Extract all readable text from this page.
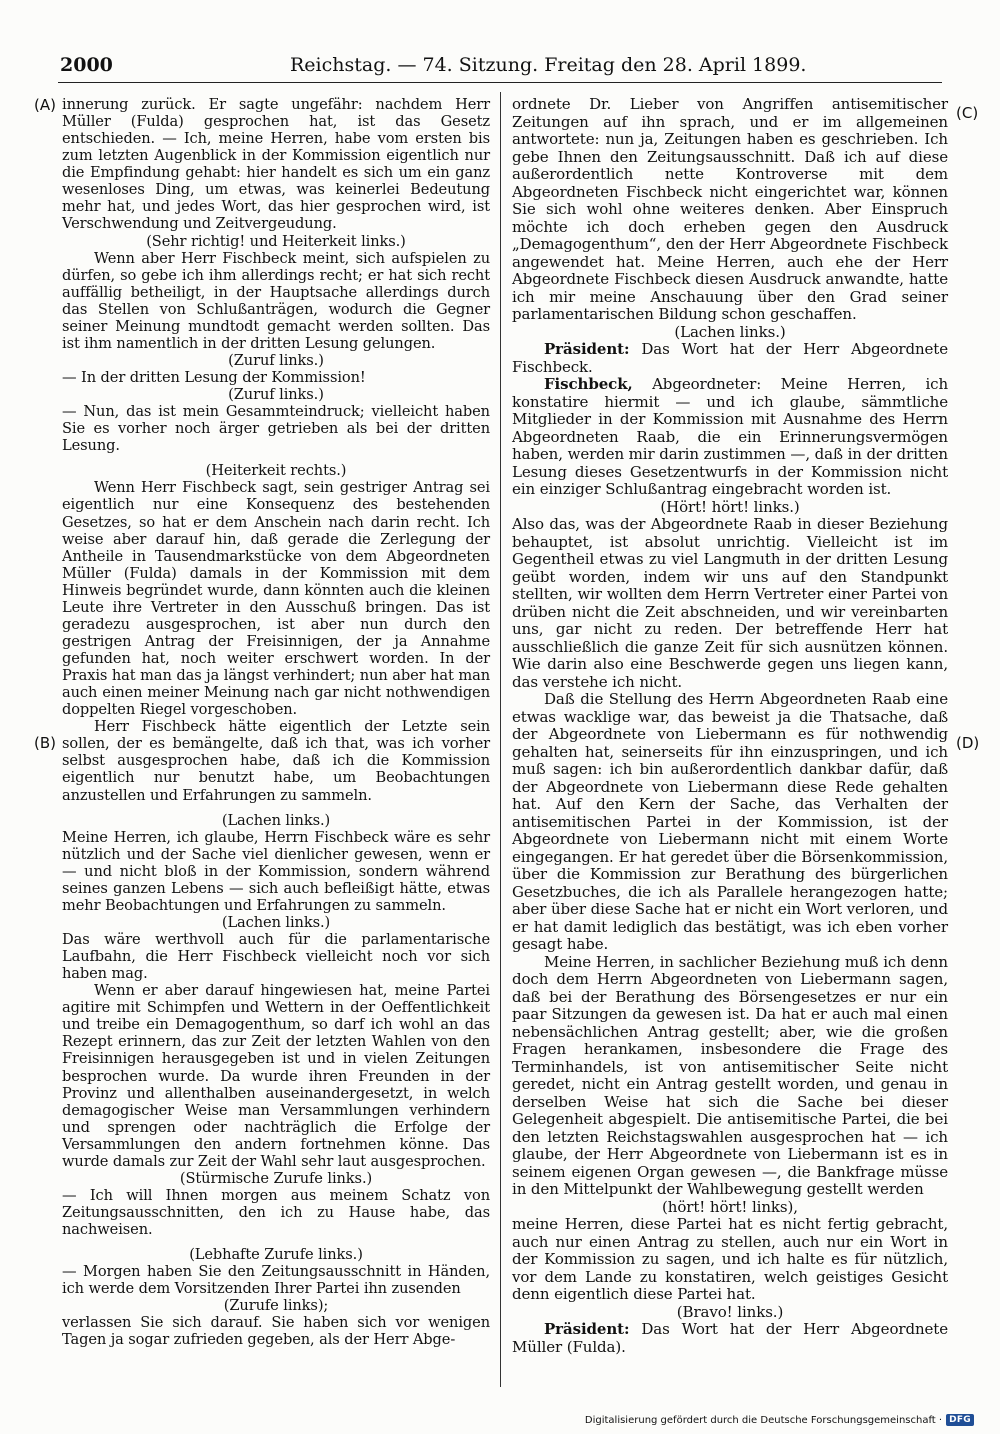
2000	Reichstag. — 74. Sitzung. Freitag den 28. April 1899.

innerung zurück. Er sagte ungefähr: nachdem Herr Müller (Fulda) gesprochen hat, ist das Gesetz entschieden. — Ich, meine Herren, habe vom ersten bis zum letzten Augenblick in der Kommission eigentlich nur die Empfindung gehabt: hier handelt es sich um ein ganz wesenloses Ding, um etwas, was keinerlei Bedeutung mehr hat, und jedes Wort, das hier gesprochen wird, ist Verschwendung und Zeitvergeudung.

(Sehr richtig! und Heiterkeit links.)

Wenn aber Herr Fischbeck meint, sich aufspielen zu dürfen, so gebe ich ihm allerdings recht; er hat sich recht auffällig betheiligt, in der Hauptsache allerdings durch das Stellen von Schlußanträgen, wodurch die Gegner seiner Meinung mundtodt gemacht werden sollten. Das ist ihm namentlich in der dritten Lesung gelungen.

(Zuruf links.)

— In der dritten Lesung der Kommission!

(Zuruf links.)

— Nun, das ist mein Gesammteindruck; vielleicht haben Sie es vorher noch ärger getrieben als bei der dritten Lesung.

(Heiterkeit rechts.)

Wenn Herr Fischbeck sagt, sein gestriger Antrag sei eigentlich nur eine Konsequenz des bestehenden Gesetzes, so hat er dem Anschein nach darin recht. Ich weise aber darauf hin, daß gerade die Zerlegung der Antheile in Tausendmarkstücke von dem Abgeordneten Müller (Fulda) damals in der Kommission mit dem Hinweis begründet wurde, dann könnten auch die kleinen Leute ihre Vertreter in den Ausschuß bringen. Das ist geradezu ausgesprochen, ist aber nun durch den gestrigen Antrag der Freisinnigen, der ja Annahme gefunden hat, noch weiter erschwert worden. In der Praxis hat man das ja längst verhindert; nun aber hat man auch einen meiner Meinung nach gar nicht nothwendigen doppelten Riegel vorgeschoben.

Herr Fischbeck hätte eigentlich der Letzte sein sollen, der es bemängelte, daß ich that, was ich vorher selbst ausgesprochen habe, daß ich die Kommission eigentlich nur benutzt habe, um Beobachtungen anzustellen und Erfahrungen zu sammeln.

(Lachen links.)

Meine Herren, ich glaube, Herrn Fischbeck wäre es sehr nützlich und der Sache viel dienlicher gewesen, wenn er — und nicht bloß in der Kommission, sondern während seines ganzen Lebens — sich auch befleißigt hätte, etwas mehr Beobachtungen und Erfahrungen zu sammeln.

(Lachen links.)

Das wäre werthvoll auch für die parlamentarische Laufbahn, die Herr Fischbeck vielleicht noch vor sich haben mag.

Wenn er aber darauf hingewiesen hat, meine Partei agitire mit Schimpfen und Wettern in der Oeffentlichkeit und treibe ein Demagogenthum, so darf ich wohl an das Rezept erinnern, das zur Zeit der letzten Wahlen von den Freisinnigen herausgegeben ist und in vielen Zeitungen besprochen wurde. Da wurde ihren Freunden in der Provinz und allenthalben auseinandergesetzt, in welch demagogischer Weise man Versammlungen verhindern und sprengen oder nachträglich die Erfolge der Versammlungen den andern fortnehmen könne. Das wurde damals zur Zeit der Wahl sehr laut ausgesprochen.

(Stürmische Zurufe links.)

— Ich will Ihnen morgen aus meinem Schatz von Zeitungsausschnitten, den ich zu Hause habe, das nachweisen.

(Lebhafte Zurufe links.)

— Morgen haben Sie den Zeitungsausschnitt in Händen, ich werde dem Vorsitzenden Ihrer Partei ihn zusenden

(Zurufe links);

verlassen Sie sich darauf. Sie haben sich vor wenigen Tagen ja sogar zufrieden gegeben, als der Herr Abge-

ordnete Dr. Lieber von Angriffen antisemitischer Zeitungen auf ihn sprach, und er im allgemeinen antwortete: nun ja, Zeitungen haben es geschrieben. Ich gebe Ihnen den Zeitungsausschnitt. Daß ich auf diese außerordentlich nette Kontroverse mit dem Abgeordneten Fischbeck nicht eingerichtet war, können Sie sich wohl ohne weiteres denken. Aber Einspruch möchte ich doch erheben gegen den Ausdruck „Demagogenthum“, den der Herr Abgeordnete Fischbeck angewendet hat. Meine Herren, auch ehe der Herr Abgeordnete Fischbeck diesen Ausdruck anwandte, hatte ich mir meine Anschauung über den Grad seiner parlamentarischen Bildung schon geschaffen.

(Lachen links.)

Präsident: Das Wort hat der Herr Abgeordnete Fischbeck.

Fischbeck, Abgeordneter: Meine Herren, ich konstatire hiermit — und ich glaube, sämmtliche Mitglieder in der Kommission mit Ausnahme des Herrn Abgeordneten Raab, die ein Erinnerungsvermögen haben, werden mir darin zustimmen —, daß in der dritten Lesung dieses Gesetzentwurfs in der Kommission nicht ein einziger Schlußantrag eingebracht worden ist.

(Hört! hört! links.)

Also das, was der Abgeordnete Raab in dieser Beziehung behauptet, ist absolut unrichtig. Vielleicht ist im Gegentheil etwas zu viel Langmuth in der dritten Lesung geübt worden, indem wir uns auf den Standpunkt stellten, wir wollten dem Herrn Vertreter einer Partei von drüben nicht die Zeit abschneiden, und wir vereinbarten uns, gar nicht zu reden. Der betreffende Herr hat ausschließlich die ganze Zeit für sich ausnützen können. Wie darin also eine Beschwerde gegen uns liegen kann, das verstehe ich nicht.

Daß die Stellung des Herrn Abgeordneten Raab eine etwas wacklige war, das beweist ja die Thatsache, daß der Abgeordnete von Liebermann es für nothwendig gehalten hat, seinerseits für ihn einzuspringen, und ich muß sagen: ich bin außerordentlich dankbar dafür, daß der Abgeordnete von Liebermann diese Rede gehalten hat. Auf den Kern der Sache, das Verhalten der antisemitischen Partei in der Kommission, ist der Abgeordnete von Liebermann nicht mit einem Worte eingegangen. Er hat geredet über die Börsenkommission, über die Kommission zur Berathung des bürgerlichen Gesetzbuches, die ich als Parallele herangezogen hatte; aber über diese Sache hat er nicht ein Wort verloren, und er hat damit lediglich das bestätigt, was ich eben vorher gesagt habe.

Meine Herren, in sachlicher Beziehung muß ich denn doch dem Herrn Abgeordneten von Liebermann sagen, daß bei der Berathung des Börsengesetzes er nur ein paar Sitzungen da gewesen ist. Da hat er auch mal einen nebensächlichen Antrag gestellt; aber, wie die großen Fragen herankamen, insbesondere die Frage des Terminhandels, ist von antisemitischer Seite nicht geredet, nicht ein Antrag gestellt worden, und genau in derselben Weise hat sich die Sache bei dieser Gelegenheit abgespielt. Die antisemitische Partei, die bei den letzten Reichstagswahlen ausgesprochen hat — ich glaube, der Herr Abgeordnete von Liebermann ist es in seinem eigenen Organ gewesen —, die Bankfrage müsse in den Mittelpunkt der Wahlbewegung gestellt werden

(hört! hört! links),

meine Herren, diese Partei hat es nicht fertig gebracht, auch nur einen Antrag zu stellen, auch nur ein Wort in der Kommission zu sagen, und ich halte es für nützlich, vor dem Lande zu konstatiren, welch geistiges Gesicht denn eigentlich diese Partei hat.

(Bravo! links.)

Präsident: Das Wort hat der Herr Abgeordnete Müller (Fulda).

(A)
(B)
(C)
(D)
Digitalisierung gefördert durch die Deutsche Forschungsgemeinschaft · DFG
